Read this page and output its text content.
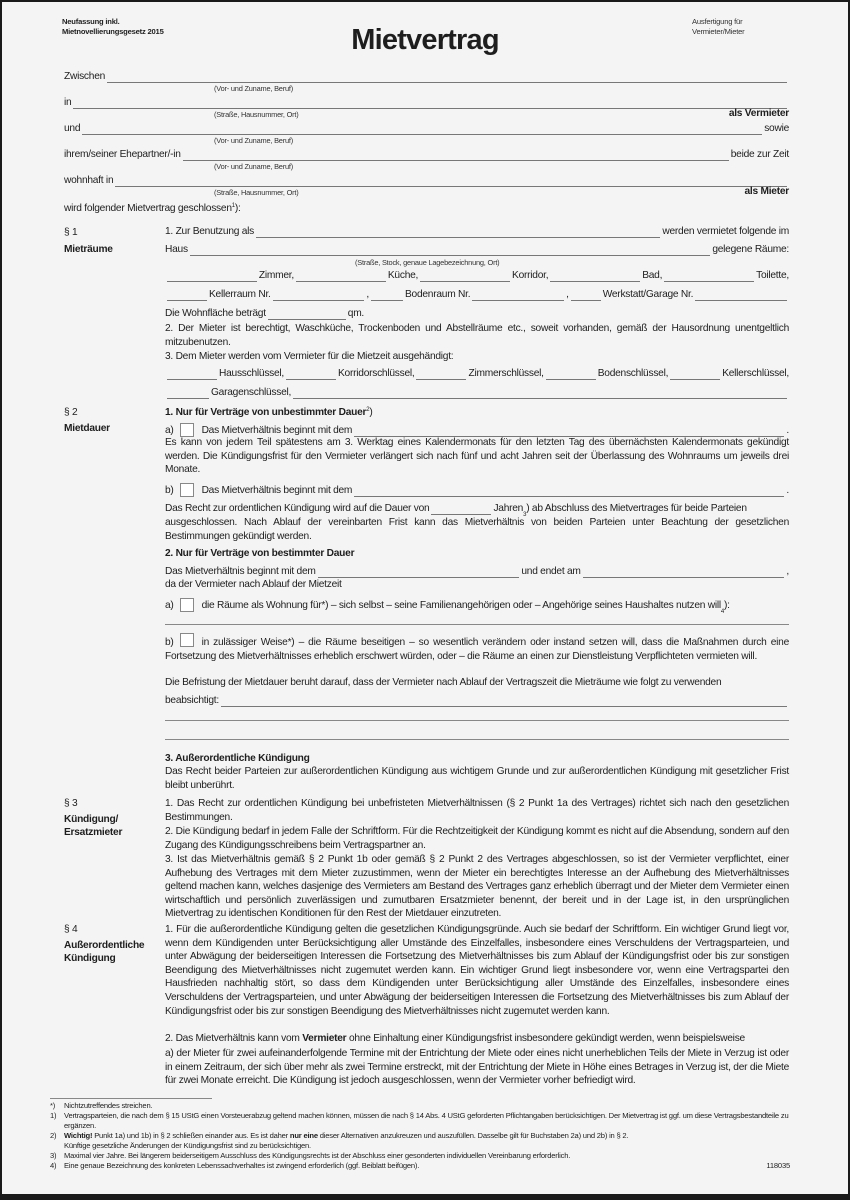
Neufassung inkl.
Mietnovellierungsgesetz 2015	Mietvertrag
Ausfertigung für
Vermieter/Mieter
Zwischen
(Vor- und Zuname, Beruf)
in
(Straße, Hausnummer, Ort)	als Vermieter
und	sowie
(Vor- und Zuname, Beruf)
ihrem/seiner Ehepartner/-in	beide zur Zeit
(Vor- und Zuname, Beruf)
wohnhaft in
(Straße, Hausnummer, Ort)	als Mieter
wird folgender Mietvertrag geschlossen$^1$):
§ 1
Mieträume
1. Zur Benutzung als	werden vermietet folgende im
Haus	gelegene Räume:
(Straße, Stock, genaue Lagebezeichnung, Ort)
Zimmer,	Küche,	Korridor,	Bad,	Toilette,
Kellerraum Nr.	,	Bodenraum Nr.	,	Werkstatt/Garage Nr.
Die Wohnfläche beträgt	qm.
2. Der Mieter ist berechtigt, Waschküche, Trockenboden und Abstellräume etc., soweit vorhanden, gemäß der Hausordnung unentgeltlich mitzubenutzen.
3. Dem Mieter werden vom Vermieter für die Mietzeit ausgehändigt:
Hausschlüssel,	Korridorschlüssel,	Zimmerschlüssel,	Bodenschlüssel,	Kellerschlüssel,
Garagenschlüssel,
§ 2
Mietdauer
1. Nur für Verträge von unbestimmter Dauer$^2$)
a)	Das Mietverhältnis beginnt mit dem	.
Es kann von jedem Teil spätestens am 3. Werktag eines Kalendermonats für den letzten Tag des übernächsten Kalendermonats gekündigt werden. Die Kündigungsfrist für den Vermieter verlängert sich nach fünf und acht Jahren seit der Überlassung des Wohnraums um jeweils drei Monate.
b)	Das Mietverhältnis beginnt mit dem	.
Das Recht zur ordentlichen Kündigung wird auf die Dauer von	Jahren
3
) ab Abschluss des Mietvertrages für beide Parteien
ausgeschlossen. Nach Ablauf der vereinbarten Frist kann das Mietverhältnis von beiden Parteien unter Beachtung der gesetzlichen Bestimmungen gekündigt werden.
2. Nur für Verträge von bestimmter Dauer
Das Mietverhältnis beginnt mit dem	und endet am	,
da der Vermieter nach Ablauf der Mietzeit
a)	die Räume als Wohnung für*) – sich selbst – seine Familienangehörigen oder – Angehörige seines Haushaltes nutzen will
4
):
b)	in zulässiger Weise*) – die Räume beseitigen – so wesentlich verändern oder instand setzen will, dass die Maßnahmen durch eine Fortsetzung des Mietverhältnisses erheblich erschwert würden, oder – die Räume an einen zur Dienstleistung Verpflichteten vermieten will.
Die Befristung der Mietdauer beruht darauf, dass der Vermieter nach Ablauf der Vertragszeit die Mieträume wie folgt zu verwenden
beabsichtigt:
3. Außerordentliche Kündigung
Das Recht beider Parteien zur außerordentlichen Kündigung aus wichtigem Grunde und zur außerordentlichen Kündigung mit gesetzlicher Frist bleibt unberührt.
§ 3
Kündigung/
Ersatzmieter
1. Das Recht zur ordentlichen Kündigung bei unbefristeten Mietverhältnissen (§ 2 Punkt 1a des Vertrages) richtet sich nach den gesetzlichen Bestimmungen.
2. Die Kündigung bedarf in jedem Falle der Schriftform. Für die Rechtzeitigkeit der Kündigung kommt es nicht auf die Absendung, sondern auf den Zugang des Kündigungsschreibens beim Vertragspartner an.
3. Ist das Mietverhältnis gemäß § 2 Punkt 1b oder gemäß § 2 Punkt 2 des Vertrages abgeschlossen, so ist der Vermieter verpflichtet, einer Aufhebung des Vertrages mit dem Mieter zuzustimmen, wenn der Mieter ein berechtigtes Interesse an der Aufhebung des Mietverhältnisses geltend machen kann, welches dasjenige des Vermieters am Bestand des Vertrages ganz erheblich überragt und der Mieter dem Vermieter einen wirtschaftlich und persönlich zuverlässigen und zumutbaren Ersatzmieter benennt, der bereit und in der Lage ist, in den ursprünglichen Mietvertrag zu identischen Konditionen für den Rest der Mietdauer einzutreten.
§ 4
Außerordentliche
Kündigung
1. Für die außerordentliche Kündigung gelten die gesetzlichen Kündigungsgründe. Auch sie bedarf der Schriftform. Ein wichtiger Grund liegt vor, wenn dem Kündigenden unter Berücksichtigung aller Umstände des Einzelfalles, insbesondere eines Verschuldens der Vertragsparteien, und unter Abwägung der beiderseitigen Interessen die Fortsetzung des Mietverhältnisses bis zum Ablauf der Kündigungsfrist oder bis zur sonstigen Beendigung des Mietverhältnisses nicht zugemutet werden kann. Ein wichtiger Grund liegt insbesondere vor, wenn eine Vertragspartei den Hausfrieden nachhaltig stört, so dass dem Kündigenden unter Berücksichtigung aller Umstände des Einzelfalles, insbesondere eines Verschuldens der Vertragsparteien, und unter Abwägung der beiderseitigen Interessen die Fortsetzung des Mietverhältnisses bis zum Ablauf der Kündigungsfrist oder bis zur sonstigen Beendigung des Mietverhältnisses nicht zugemutet werden kann.
2. Das Mietverhältnis kann vom Vermieter ohne Einhaltung einer Kündigungsfrist insbesondere gekündigt werden, wenn beispielsweise
a) der Mieter für zwei aufeinanderfolgende Termine mit der Entrichtung der Miete oder eines nicht unerheblichen Teils der Miete in Verzug ist oder in einem Zeitraum, der sich über mehr als zwei Termine erstreckt, mit der Entrichtung der Miete in Höhe eines Betrages in Verzug ist, der die Miete für zwei Monate erreicht. Die Kündigung ist jedoch ausgeschlossen, wenn der Vermieter vorher befriedigt wird.
*)	Nichtzutreffendes streichen.
1)	Vertragsparteien, die nach dem § 15 UStG einen Vorsteuerabzug geltend machen können, müssen die nach § 14 Abs. 4 UStG geforderten Pflichtangaben berücksichtigen. Der Mietvertrag ist ggf. um diese Vertragsbestandteile zu ergänzen.
2)	Wichtig! Punkt 1a) und 1b) in § 2 schließen einander aus. Es ist daher nur eine dieser Alternativen anzukreuzen und auszufüllen. Dasselbe gilt für Buchstaben 2a) und 2b) in § 2.
Künftige gesetzliche Änderungen der Kündigungsfrist sind zu berücksichtigen.
3)	Maximal vier Jahre. Bei längerem beiderseitigem Ausschluss des Kündigungsrechts ist der Abschluss einer gesonderten individuellen Vereinbarung erforderlich.
4)	Eine genaue Bezeichnung des konkreten Lebenssachverhaltes ist zwingend erforderlich (ggf. Beiblatt beifügen).	118035
